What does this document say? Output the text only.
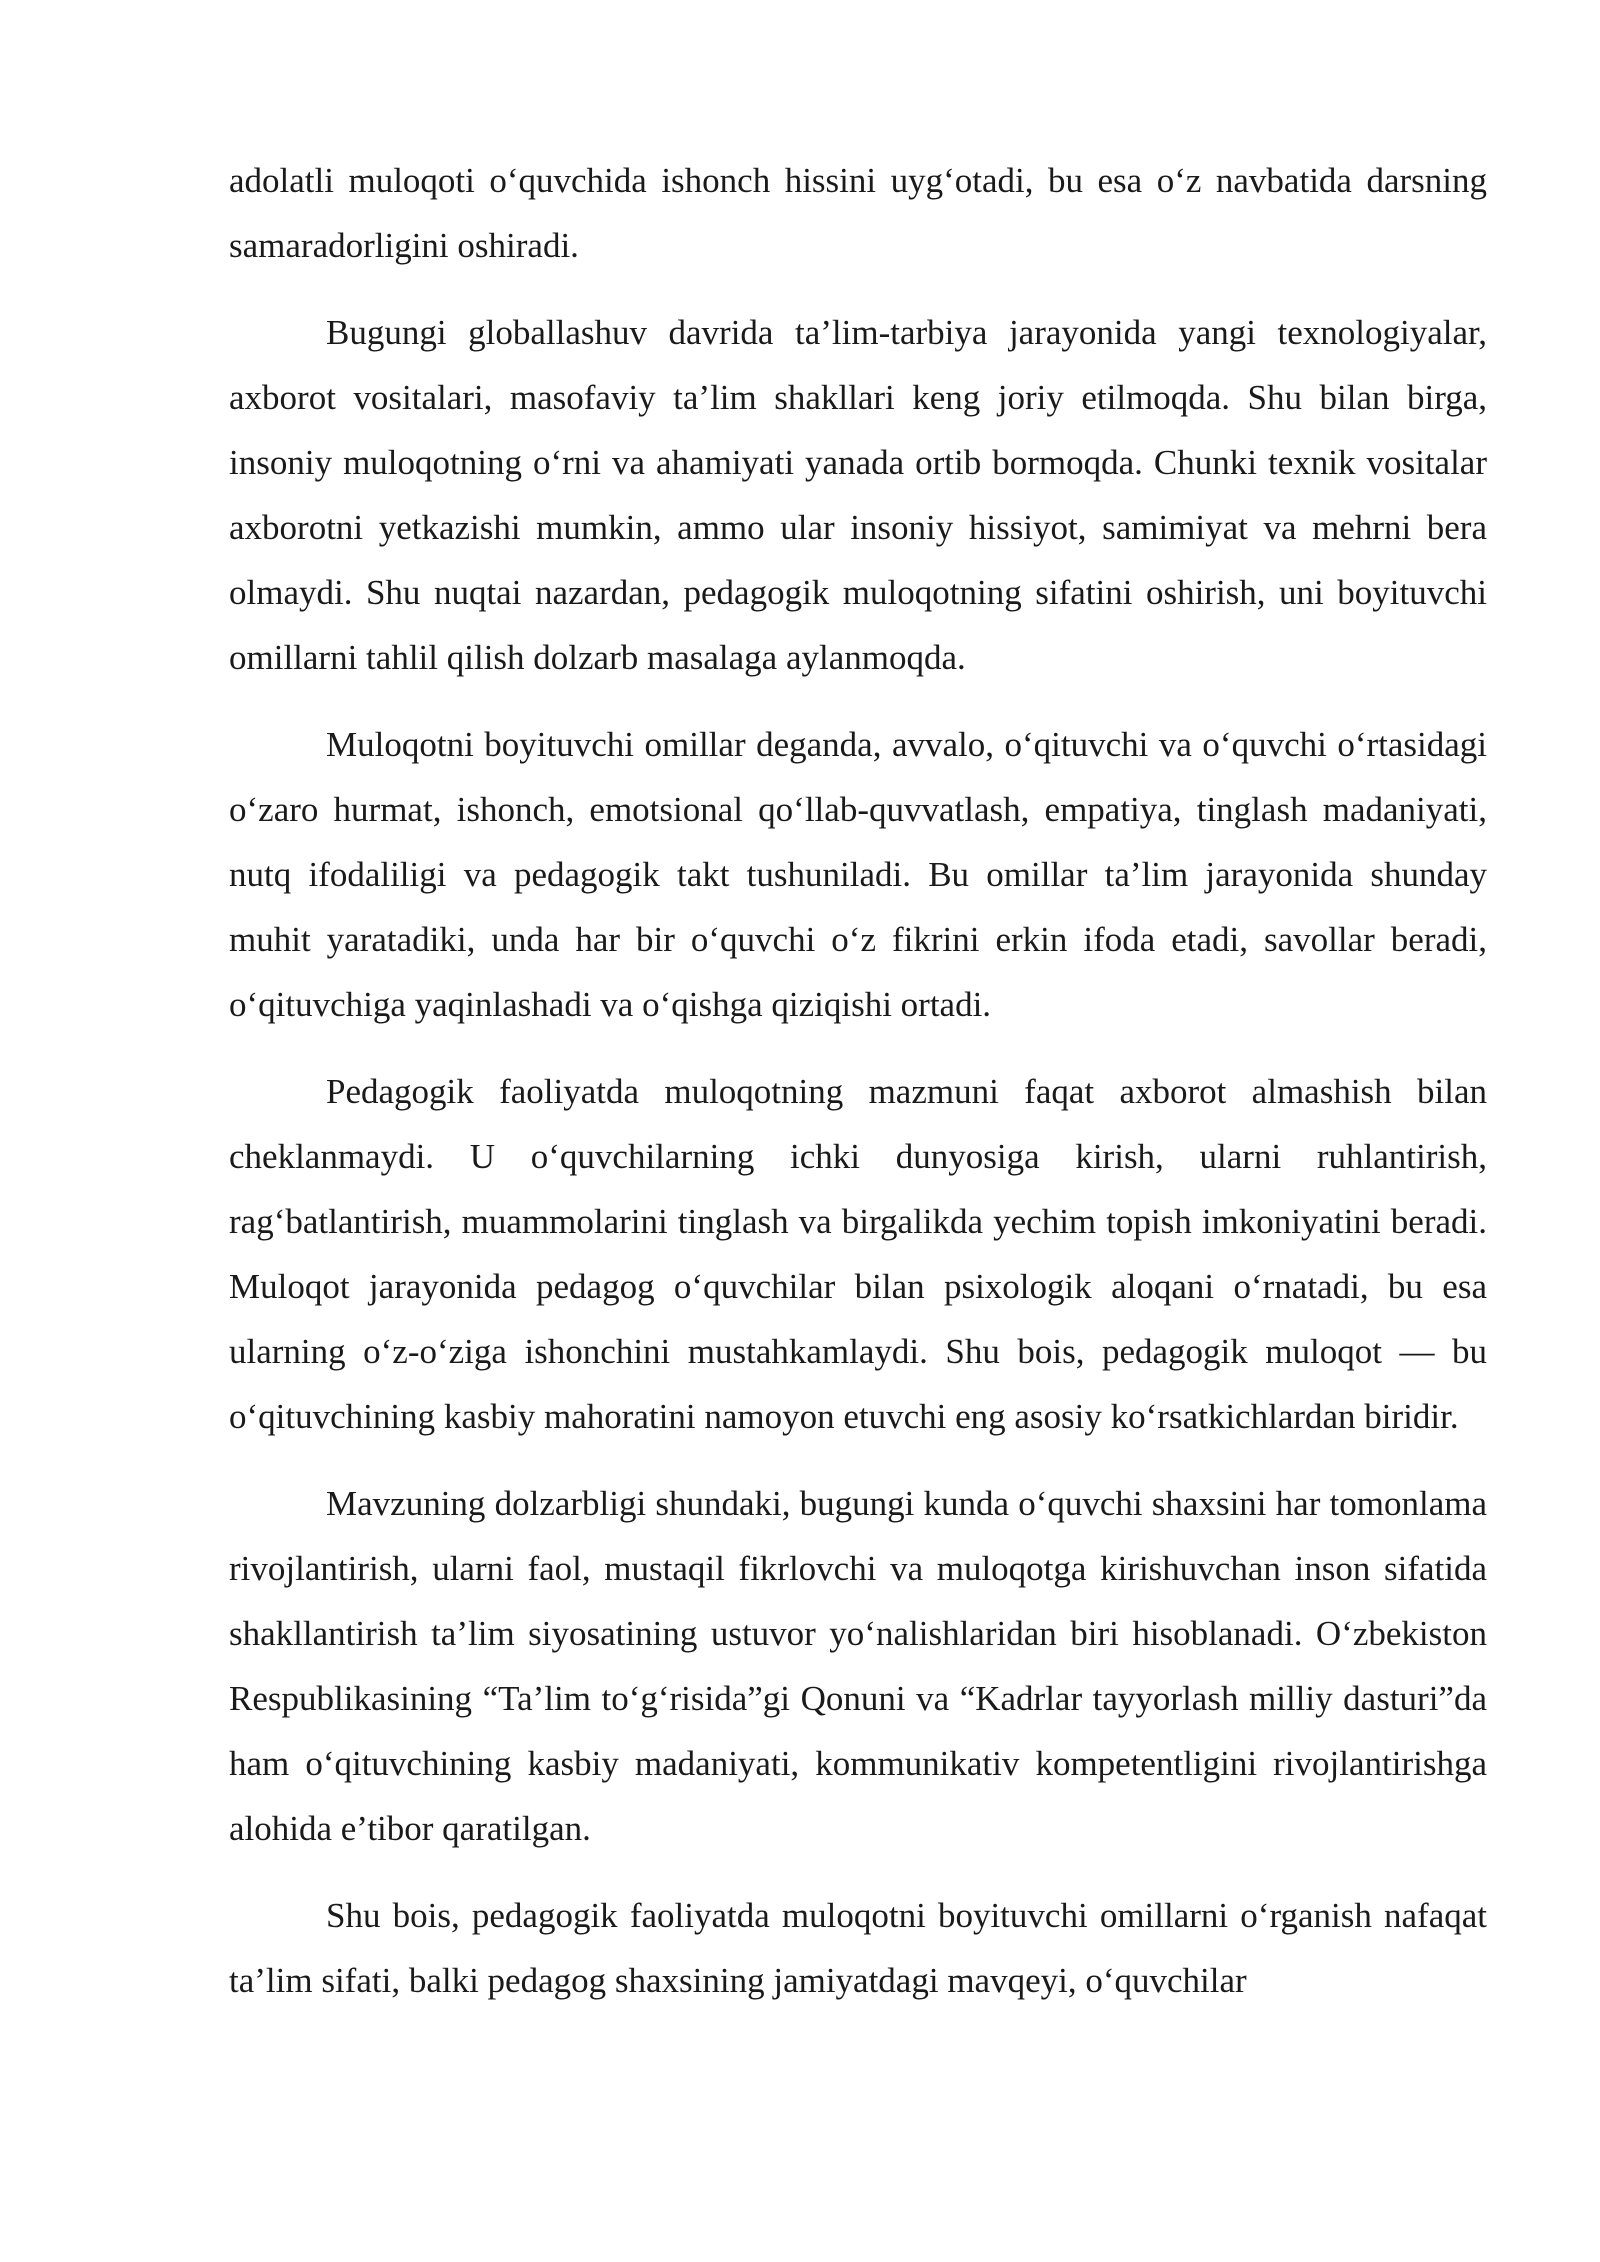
adolatli muloqoti o‘quvchida ishonch hissini uyg‘otadi, bu esa o‘z navbatida darsning samaradorligini oshiradi.

Bugungi globallashuv davrida ta’lim-tarbiya jarayonida yangi texnologiyalar, axborot vositalari, masofaviy ta’lim shakllari keng joriy etilmoqda. Shu bilan birga, insoniy muloqotning o‘rni va ahamiyati yanada ortib bormoqda. Chunki texnik vositalar axborotni yetkazishi mumkin, ammo ular insoniy hissiyot, samimiyat va mehrni bera olmaydi. Shu nuqtai nazardan, pedagogik muloqotning sifatini oshirish, uni boyituvchi omillarni tahlil qilish dolzarb masalaga aylanmoqda.

Muloqotni boyituvchi omillar deganda, avvalo, o‘qituvchi va o‘quvchi o‘rtasidagi o‘zaro hurmat, ishonch, emotsional qo‘llab-quvvatlash, empatiya, tinglash madaniyati, nutq ifodaliligi va pedagogik takt tushuniladi. Bu omillar ta’lim jarayonida shunday muhit yaratadiki, unda har bir o‘quvchi o‘z fikrini erkin ifoda etadi, savollar beradi, o‘qituvchiga yaqinlashadi va o‘qishga qiziqishi ortadi.

Pedagogik faoliyatda muloqotning mazmuni faqat axborot almashish bilan cheklanmaydi. U o‘quvchilarning ichki dunyosiga kirish, ularni ruhlantirish, rag‘batlantirish, muammolarini tinglash va birgalikda yechim topish imkoniyatini beradi. Muloqot jarayonida pedagog o‘quvchilar bilan psixologik aloqani o‘rnatadi, bu esa ularning o‘z-o‘ziga ishonchini mustahkamlaydi. Shu bois, pedagogik muloqot — bu o‘qituvchining kasbiy mahoratini namoyon etuvchi eng asosiy ko‘rsatkichlardan biridir.

Mavzuning dolzarbligi shundaki, bugungi kunda o‘quvchi shaxsini har tomonlama rivojlantirish, ularni faol, mustaqil fikrlovchi va muloqotga kirishuvchan inson sifatida shakllantirish ta’lim siyosatining ustuvor yo‘nalishlaridan biri hisoblanadi. O‘zbekiston Respublikasining “Ta’lim to‘g‘risida”gi Qonuni va “Kadrlar tayyorlash milliy dasturi”da ham o‘qituvchining kasbiy madaniyati, kommunikativ kompetentligini rivojlantirishga alohida e’tibor qaratilgan.

Shu bois, pedagogik faoliyatda muloqotni boyituvchi omillarni o‘rganish nafaqat ta’lim sifati, balki pedagog shaxsining jamiyatdagi mavqeyi, o‘quvchilar
